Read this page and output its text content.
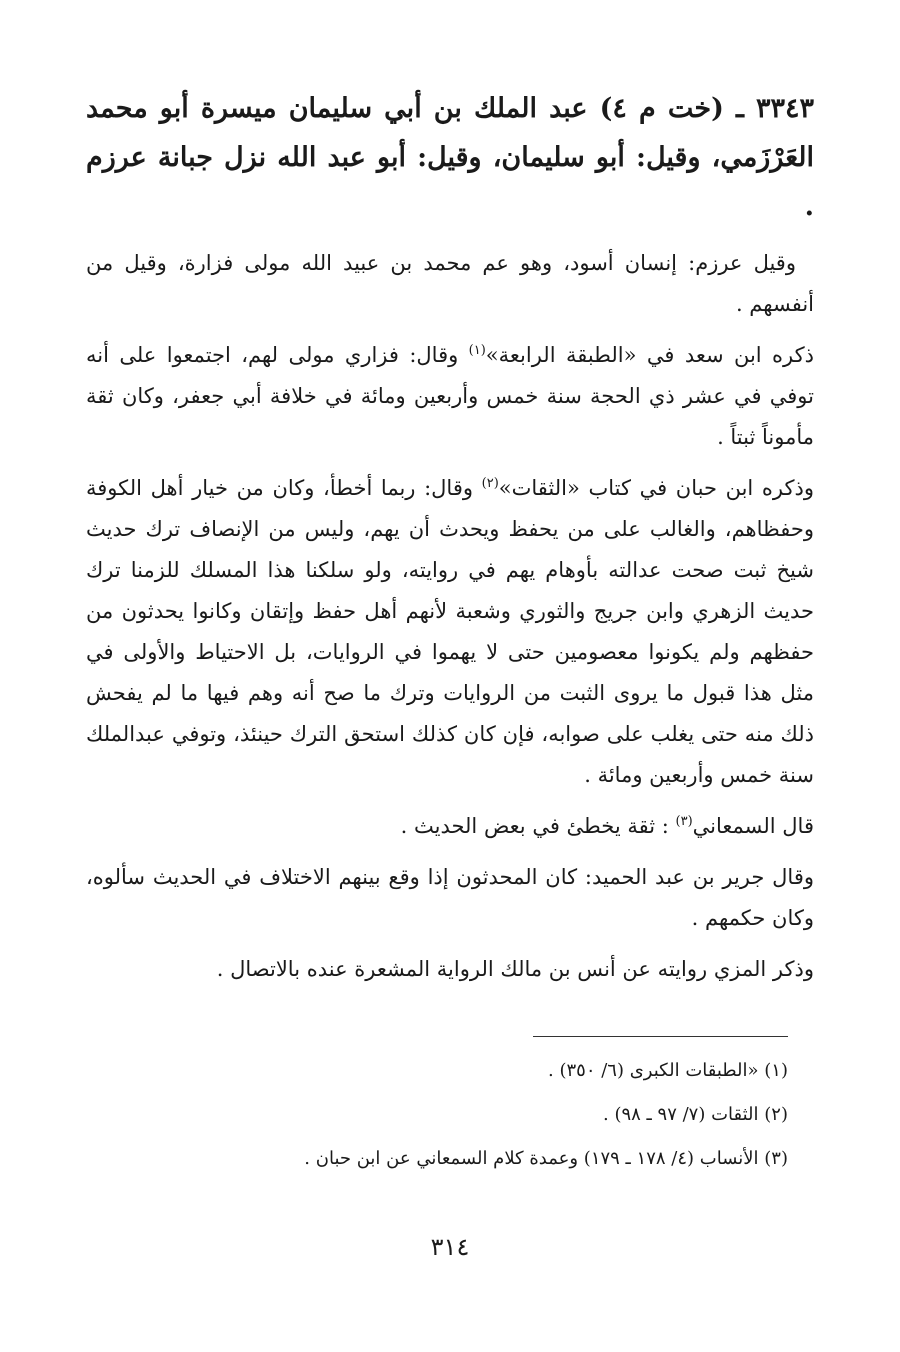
٣٣٤٣ ـ (خت م ٤) عبد الملك بن أبي سليمان ميسرة أبو محمد العَرْزَمي، وقيل: أبو سليمان، وقيل: أبو عبد الله نزل جبانة عرزم .

وقيل عرزم: إنسان أسود، وهو عم محمد بن عبيد الله مولى فزارة، وقيل من أنفسهم .

ذكره ابن سعد في «الطبقة الرابعة»$^{(١)}$ وقال: فزاري مولى لهم، اجتمعوا على أنه توفي في عشر ذي الحجة سنة خمس وأربعين ومائة في خلافة أبي جعفر، وكان ثقة مأموناً ثبتاً .

وذكره ابن حبان في كتاب «الثقات»$^{(٢)}$ وقال: ربما أخطأ، وكان من خيار أهل الكوفة وحفظاهم، والغالب على من يحفظ ويحدث أن يهم، وليس من الإنصاف ترك حديث شيخ ثبت صحت عدالته بأوهام يهم في روايته، ولو سلكنا هذا المسلك للزمنا ترك حديث الزهري وابن جريج والثوري وشعبة لأنهم أهل حفظ وإتقان وكانوا يحدثون من حفظهم ولم يكونوا معصومين حتى لا يهموا في الروايات، بل الاحتياط والأولى في مثل هذا قبول ما يروى الثبت من الروايات وترك ما صح أنه وهم فيها ما لم يفحش ذلك منه حتى يغلب على صوابه، فإن كان كذلك استحق الترك حينئذ، وتوفي عبدالملك سنة خمس وأربعين ومائة .

قال السمعاني$^{(٣)}$ : ثقة يخطئ في بعض الحديث .

وقال جرير بن عبد الحميد: كان المحدثون إذا وقع بينهم الاختلاف في الحديث سألوه، وكان حكمهم .

وذكر المزي روايته عن أنس بن مالك الرواية المشعرة عنده بالاتصال .

(١) «الطبقات الكبرى (٦/ ٣٥٠) .
(٢) الثقات (٧/ ٩٧ ـ ٩٨) .
(٣) الأنساب (٤/ ١٧٨ ـ ١٧٩) وعمدة كلام السمعاني عن ابن حبان .
٣١٤
